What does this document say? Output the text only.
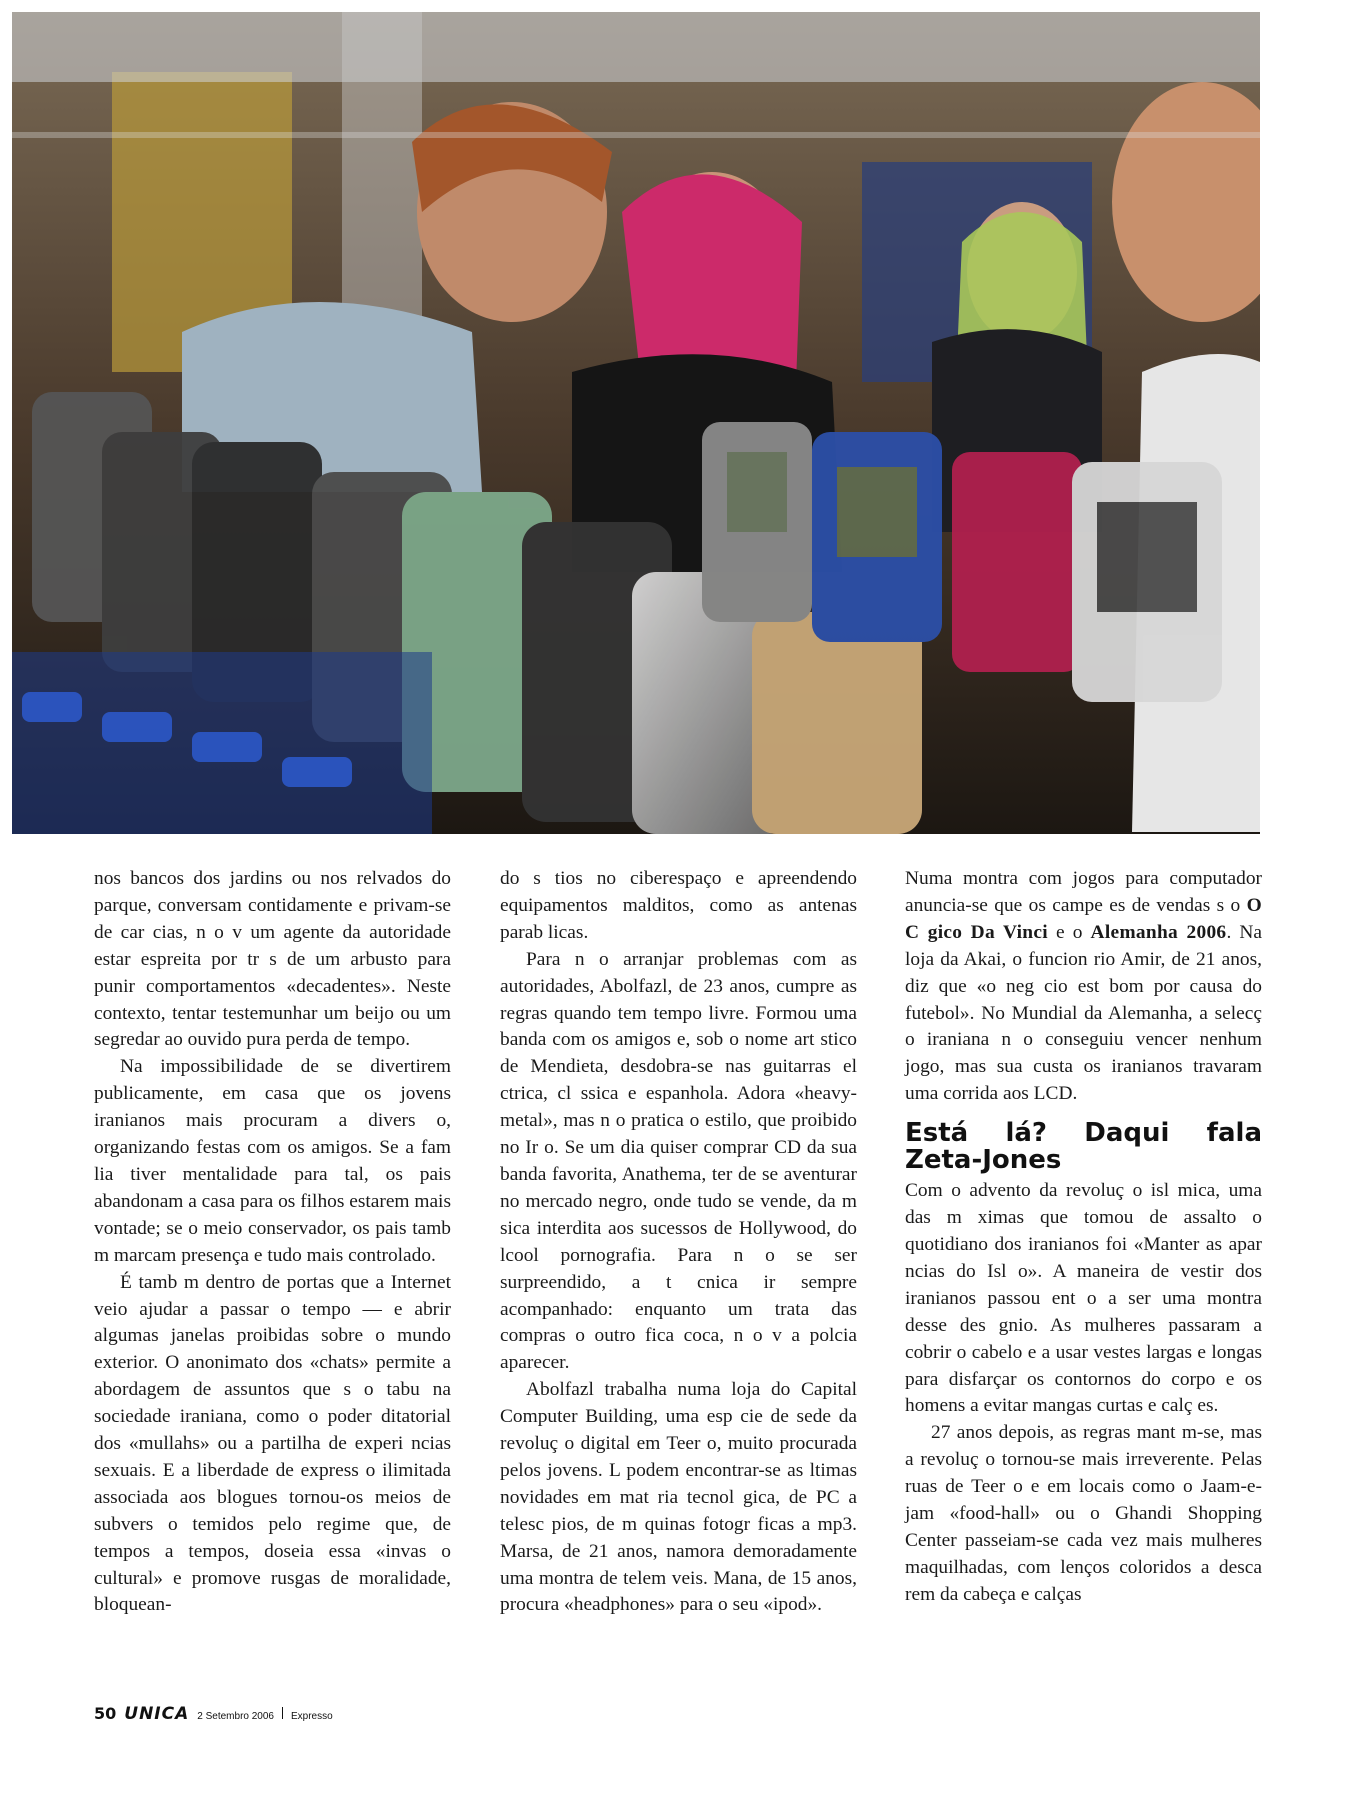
nos bancos dos jardins ou nos relvados do parque, conversam contidamente e privam-se de car cias, n o v um agente da autoridade estar espreita por tr s de um arbusto para punir comportamentos «decadentes». Neste contexto, tentar testemunhar um beijo ou um segredar ao ouvido pura perda de tempo.

Na impossibilidade de se divertirem publicamente, em casa que os jovens iranianos mais procuram a divers o, organizando festas com os amigos. Se a fam lia tiver mentalidade para tal, os pais abandonam a casa para os filhos estarem mais vontade; se o meio conservador, os pais tamb m marcam presença e tudo mais controlado.

É tamb m dentro de portas que a Internet veio ajudar a passar o tempo — e abrir algumas janelas proibidas sobre o mundo exterior. O anonimato dos «chats» permite a abordagem de assuntos que s o tabu na sociedade iraniana, como o poder ditatorial dos «mullahs» ou a partilha de experi ncias sexuais. E a liberdade de express o ilimitada associada aos blogues tornou-os meios de subvers o temidos pelo regime que, de tempos a tempos, doseia essa «invas o cultural» e promove rusgas de moralidade, bloquean-

do s tios no ciberespaço e apreendendo equipamentos malditos, como as antenas parab licas.

Para n o arranjar problemas com as autoridades, Abolfazl, de 23 anos, cumpre as regras quando tem tempo livre. Formou uma banda com os amigos e, sob o nome art stico de Mendieta, desdobra-se nas guitarras el ctrica, cl ssica e espanhola. Adora «heavy-metal», mas n o pratica o estilo, que proibido no Ir o. Se um dia quiser comprar CD da sua banda favorita, Anathema, ter de se aventurar no mercado negro, onde tudo se vende, da m sica interdita aos sucessos de Hollywood, do lcool pornografia. Para n o se ser surpreendido, a t cnica ir sempre acompanhado: enquanto um trata das compras o outro fica coca, n o v a polcia aparecer.

Abolfazl trabalha numa loja do Capital Computer Building, uma esp cie de sede da revoluç o digital em Teer o, muito procurada pelos jovens. L podem encontrar-se as ltimas novidades em mat ria tecnol gica, de PC a telesc pios, de m quinas fotogr ficas a mp3. Marsa, de 21 anos, namora demoradamente uma montra de telem veis. Mana, de 15 anos, procura «headphones» para o seu «ipod».

Numa montra com jogos para computador anuncia-se que os campe es de vendas s o O C gico Da Vinci e o Alemanha 2006. Na loja da Akai, o funcion rio Amir, de 21 anos, diz que «o neg cio est bom por causa do futebol». No Mundial da Alemanha, a selecç o iraniana n o conseguiu vencer nenhum jogo, mas sua custa os iranianos travaram uma corrida aos LCD.

Está lá? Daqui fala Zeta-Jones

Com o advento da revoluç o isl mica, uma das m ximas que tomou de assalto o quotidiano dos iranianos foi «Manter as apar ncias do Isl o». A maneira de vestir dos iranianos passou ent o a ser uma montra desse des gnio. As mulheres passaram a cobrir o cabelo e a usar vestes largas e longas para disfarçar os contornos do corpo e os homens a evitar mangas curtas e calç es.

27 anos depois, as regras mant m-se, mas a revoluç o tornou-se mais irreverente. Pelas ruas de Teer o e em locais como o Jaam-e-jam «food-hall» ou o Ghandi Shopping Center passeiam-se cada vez mais mulheres maquilhadas, com lenços coloridos a desca rem da cabeça e calças

50 UNICA 2 Setembro 2006 Expresso
